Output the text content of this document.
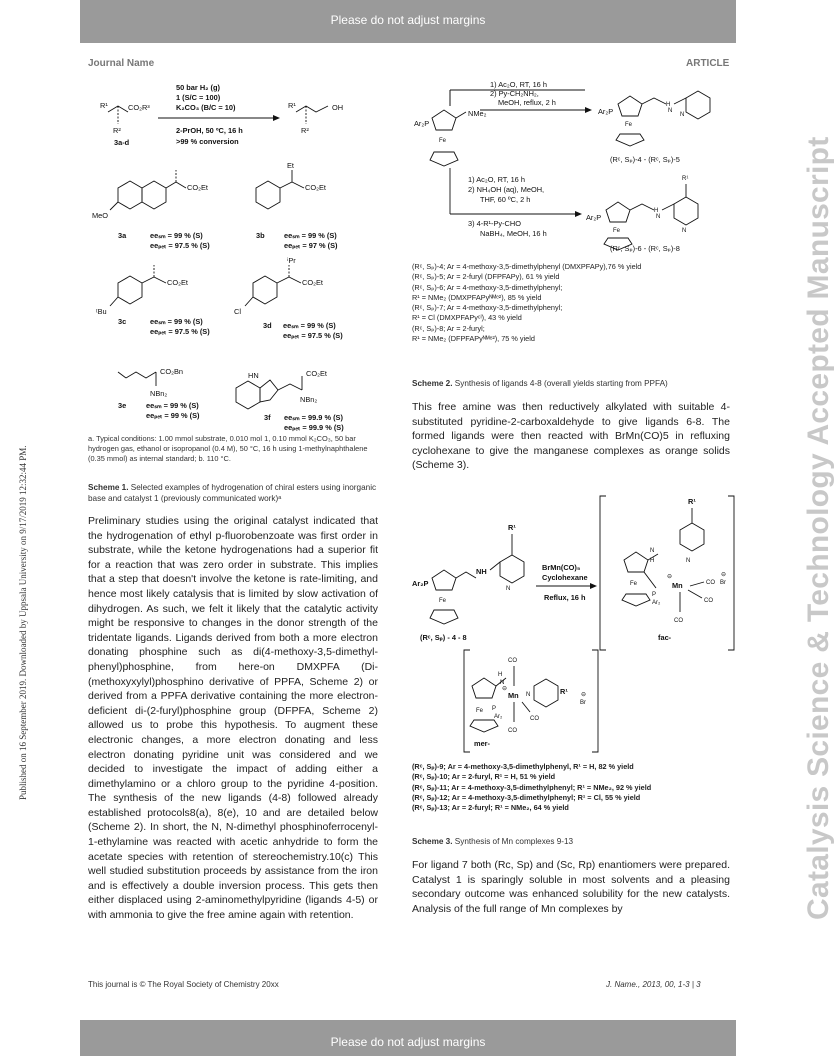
Please do not adjust margins
Please do not adjust margins
Journal Name	ARTICLE
Published on 16 September 2019. Downloaded by Uppsala University on 9/17/2019 12:32:44 PM.	Catalysis Science & Technology Accepted Manuscript
R¹	CO₂R³
R²
3a-d
50 bar H₂ (g)
1 (S/C = 100)
K₂CO₃ (B/C = 10)
2-PrOH, 50 ºC, 16 h
>99 % conversion
R¹	OH
R²
MeO
CO₂Et
3a	eeₛₘ = 99 % (S)
eeₚₑₜ = 97.5 % (S)
Et
CO₂Et
3b	eeₛₘ = 99 % (S)
eeₚₑₜ = 97 % (S)
CO₂Et
ᵗBu
3c	eeₛₘ = 99 % (S)
eeₚₑₜ = 97.5 % (S)
ⁱPr
CO₂Et
Cl
3d eeₛₘ = 99 % (S)
eeₚₑₜ = 97.5 % (S)
CO₂Bn
NBn₂
3e	eeₛₘ = 99 % (S)
eeₚₑₜ = 99 % (S)
HN	CO₂Et
NBn₂
3f eeₛₘ = 99.9 % (S)
eeₚₑₜ = 99.9 % (S)
a. Typical conditions: 1.00 mmol substrate, 0.010 mol 1, 0.10 mmol K₂CO₃, 50 bar hydrogen gas, ethanol or isopropanol (0.4 M), 50 °C, 16 h using 1-methylnaphthalene (0.35 mmol) as internal standard; b. 110 °C.
Scheme 1. Selected examples of hydrogenation of chiral esters using inorganic base and catalyst 1 (previously communicated work)ᵃ
Preliminary studies using the original catalyst indicated that the hydrogenation of ethyl p-fluorobenzoate was first order in substrate, while the ketone hydrogenations had a superior fit for a reaction that was zero order in substrate. This implies that a step that doesn't involve the ketone is rate-limiting, and hence most likely catalysis that is limited by slow activation of dihydrogen. As such, we felt it likely that the catalytic activity might be responsive to changes in the donor strength of the tridentate ligands. Ligands derived from both a more electron donating phosphine such as di(4-methoxy-3,5-dimethyl-phenyl)phosphine, from here-on DMXPFA (Di-(methoxyxylyl)phosphino derivative of PPFA, Scheme 2) or derived from a PPFA derivative containing the more electron-deficient di-(2-furyl)phosphine group (DFPFA, Scheme 2) allowed us to probe this hypothesis. To augment these electronic changes, a more electron donating and less electron donating pyridine unit was considered and we decided to investigate the impact of adding either a dimethylamino or a chloro group to the pyridine 4-position. The synthesis of the new ligands (4-8) followed already established protocols8(a), 8(e), 10 and are detailed below (Scheme 2). In short, the N, N-dimethyl phosphinoferrocenyl-1-ethylamine was reacted with acetic anhydride to form the acetate species with retention of stereochemistry.10(c) This well studied substitution proceeds by assistance from the iron and is effectively a double inversion process. This gets then either displaced using 2-aminomethylpyridine (ligands 4-5) or with ammonia to give the free amine again with retention.
Ar₂P
Fe
NMe₂
1) Ac₂O, RT, 16 h
2) Py-CH₂NH₂,
MeOH, reflux, 2 h
1) Ac₂O, RT, 16 h
2) NH₄OH (aq), MeOH,
THF, 60 ºC, 2 h
3) 4-R¹-Py-CHO
NaBH₄, MeOH, 16 h
Ar₂P
Fe
H
N
N
(Rᶜ, Sₚ)-4 - (Rᶜ, Sₚ)-5
Ar₂P
Fe
H
N
R¹
N
(Rᶜ, Sₚ)-6 - (Rᶜ, Sₚ)-8
(Rᶜ, Sₚ)-4; Ar = 4-methoxy-3,5-dimethylphenyl (DMXPFAPy),76 % yield
(Rᶜ, Sₚ)-5; Ar = 2-furyl (DFPFAPy), 61 % yield
(Rᶜ, Sₚ)-6; Ar = 4-methoxy-3,5-dimethylphenyl;
R¹ = NMe₂ (DMXPFAPyᴺᴹᵉ²), 85 % yield
(Rᶜ, Sₚ)-7; Ar = 4-methoxy-3,5-dimethylphenyl;
R¹ = Cl (DMXPFAPyᶜˡ), 43 % yield
(Rᶜ, Sₚ)-8; Ar = 2-furyl;
R¹ = NMe₂ (DFPFAPyᴺᴹᵉ²), 75 % yield
Scheme 2. Synthesis of ligands 4-8 (overall yields starting from PPFA)
This free amine was then reductively alkylated with suitable 4-substituted pyridine-2-carboxaldehyde to give ligands 6-8. The formed ligands were then reacted with BrMn(CO)5 in refluxing cyclohexane to give the manganese complexes as orange solids (Scheme 3).
Ar₂P
Fe
NH
R¹
N
(Rᶜ, Sₚ) - 4 - 8
BrMn(CO)₅
Cyclohexane
Reflux, 16 h
R¹
N
Mn
⊖
CO
CO
CO
Br
⊖
Fe
N
H
P
Ar₂
fac-
R¹
N
Mn
⊖
CO
CO
CO
Br
⊖
Fe
H
N
P
Ar₂
mer-
(Rᶜ, Sₚ)-9; Ar = 4-methoxy-3,5-dimethylphenyl, R¹ = H, 82 % yield
(Rᶜ, Sₚ)-10; Ar = 2-furyl, R¹ = H, 51 % yield
(Rᶜ, Sₚ)-11; Ar = 4-methoxy-3,5-dimethylphenyl; R¹ = NMe₂, 92 % yield
(Rᶜ, Sₚ)-12; Ar = 4-methoxy-3,5-dimethylphenyl; R¹ = Cl, 55 % yield
(Rᶜ, Sₚ)-13; Ar = 2-furyl; R¹ = NMe₂, 64 % yield
Scheme 3. Synthesis of Mn complexes 9-13
For ligand 7 both (Rc, Sp) and (Sc, Rp) enantiomers were prepared. Catalyst 1 is sparingly soluble in most solvents and a pleasing secondary outcome was enhanced solubility for the new catalysts. Analysis of the full range of Mn complexes by
This journal is © The Royal Society of Chemistry 20xx	J. Name., 2013, 00, 1-3 | 3
